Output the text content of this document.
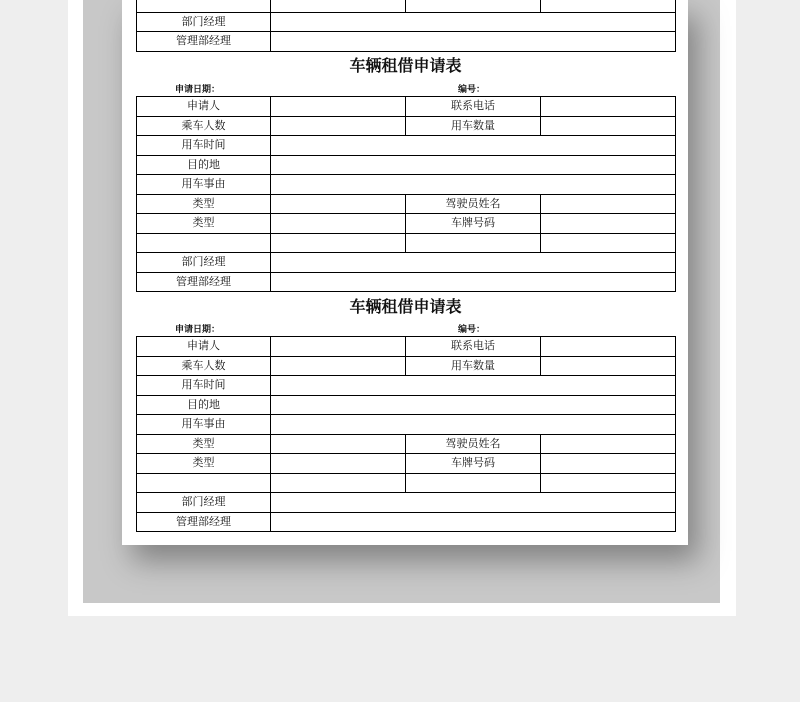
部门经理			
管理部经理			
车辆租借申请表
申请日期：	编号：
申请人		联系电话	
乘车人数		用车数量	
用车时间			
目的地			
用车事由			
类型		驾驶员姓名	
类型		车牌号码	

部门经理			
管理部经理			
车辆租借申请表
申请日期：	编号：
申请人		联系电话	
乘车人数		用车数量	
用车时间			
目的地			
用车事由			
类型		驾驶员姓名	
类型		车牌号码	

部门经理			
管理部经理			
